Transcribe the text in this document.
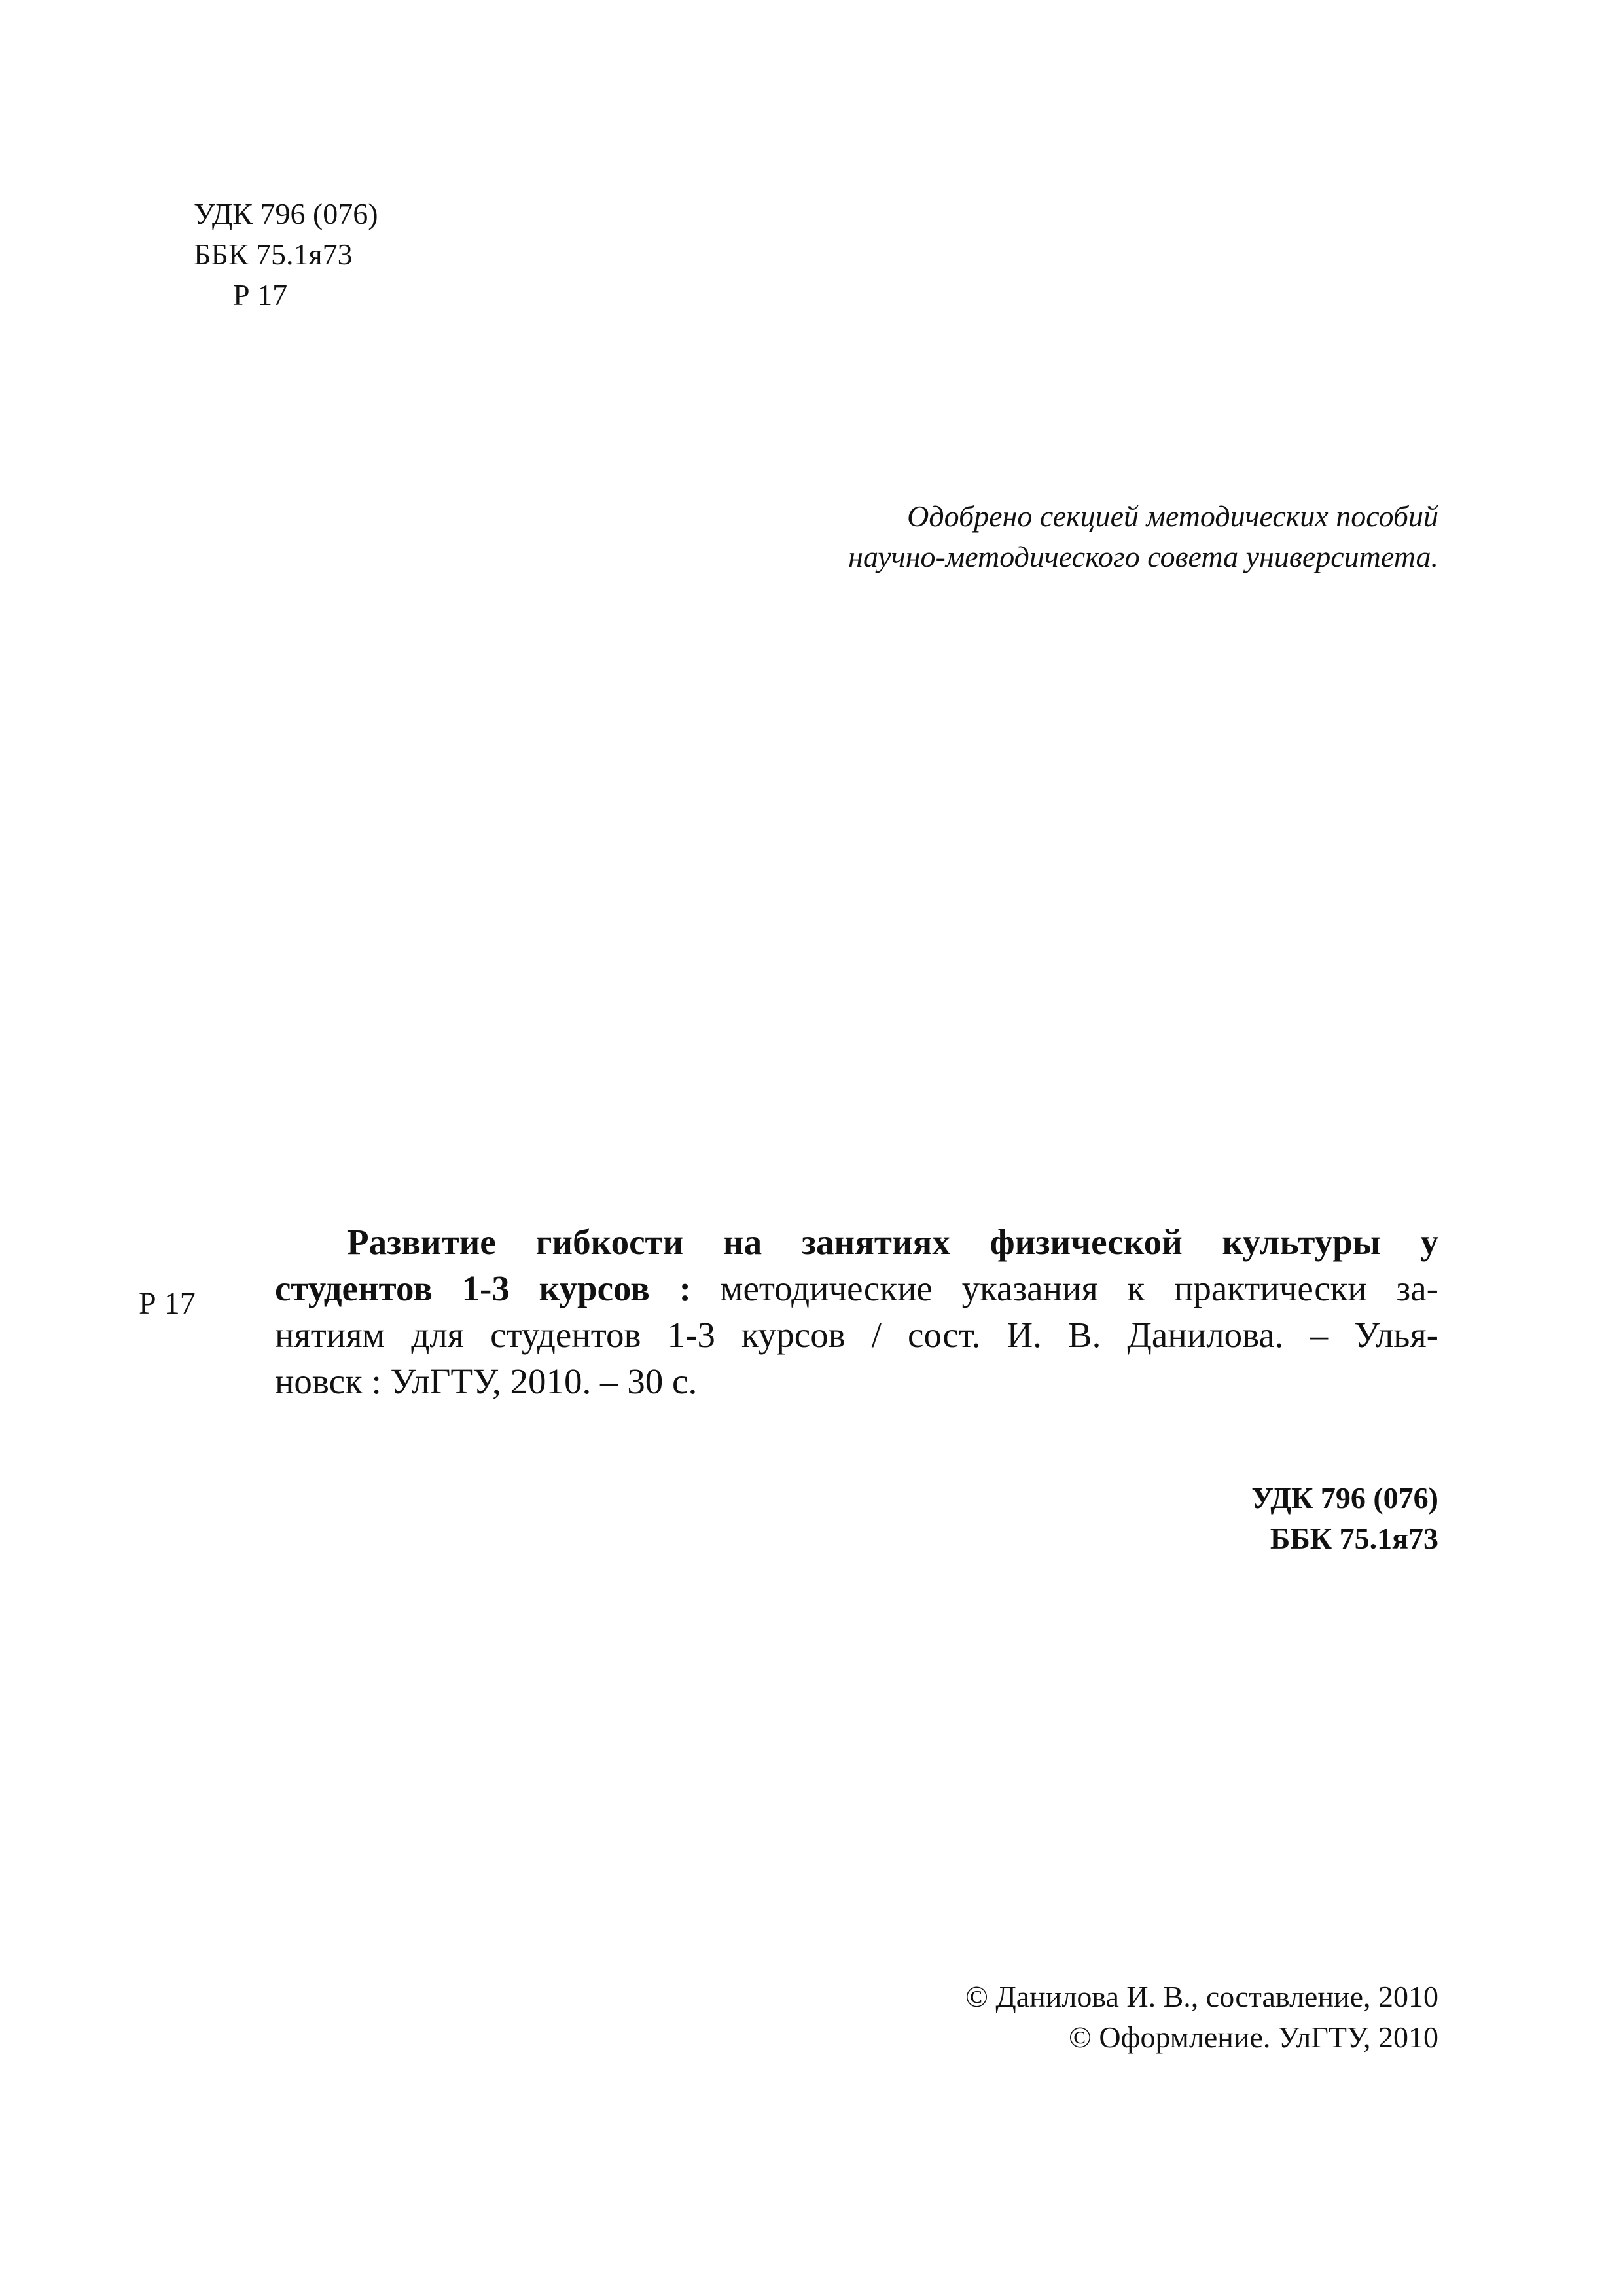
УДК 796 (076)
ББК 75.1я73
Р 17
Одобрено секцией методических пособий
научно-методического совета университета.
Р 17
Развитие гибкости на занятиях физической культуры у
студентов 1-3 курсов : методические указания к практически за-
нятиям для студентов 1-3 курсов / сост. И. В. Данилова. – Улья-
новск : УлГТУ, 2010. – 30 с.
УДК 796 (076)
ББК 75.1я73
© Данилова И. В., составление, 2010
© Оформление. УлГТУ, 2010
